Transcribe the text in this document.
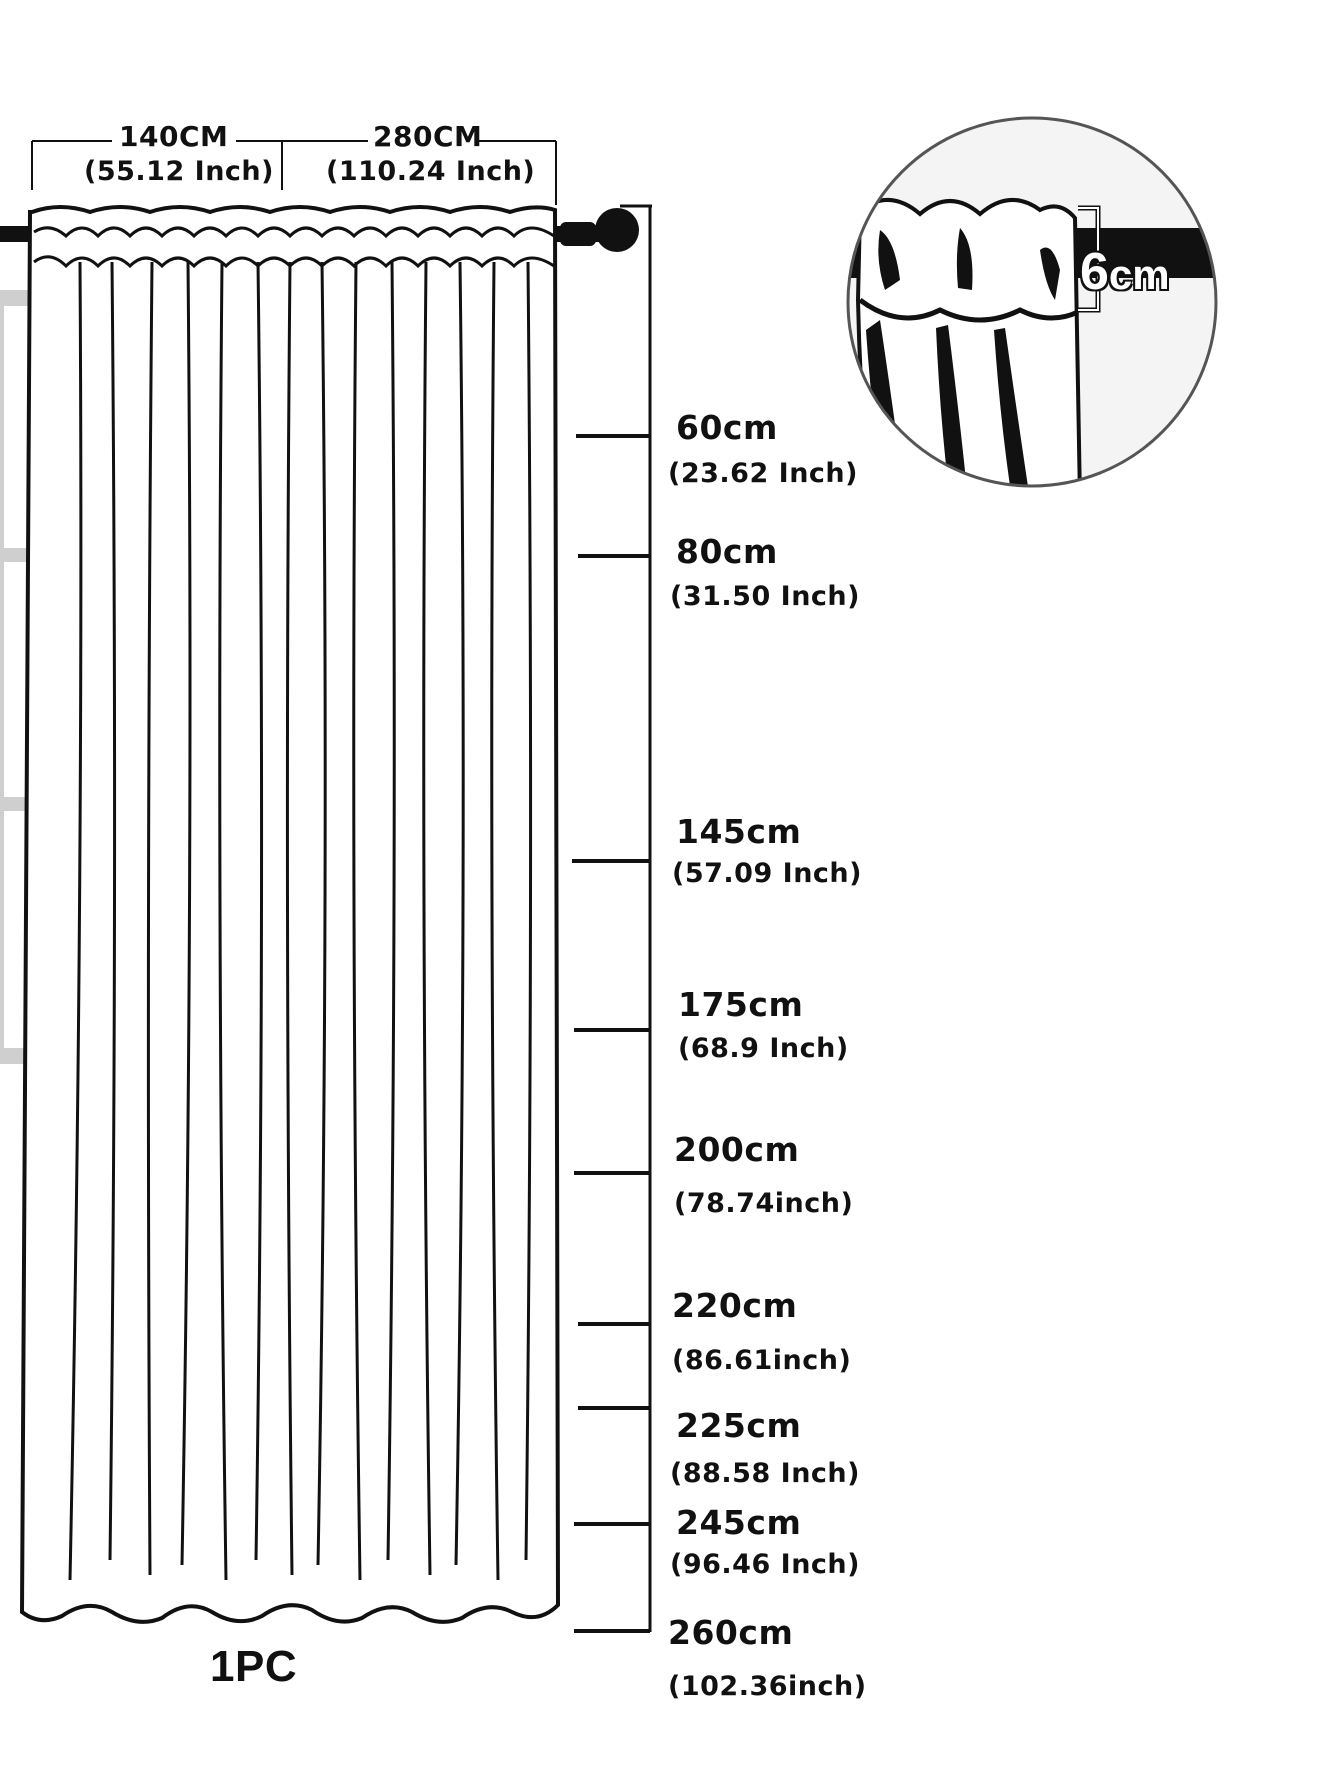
140CM
(55.12 Inch)
280CM
(110.24 Inch)
60cm
(23.62 Inch)
80cm
(31.50 Inch)
145cm
(57.09 Inch)
175cm
(68.9 Inch)
200cm
(78.74inch)
220cm
(86.61inch)
225cm
(88.58 Inch)
245cm
(96.46 Inch)
260cm
(102.36inch)
6cm
1PC
